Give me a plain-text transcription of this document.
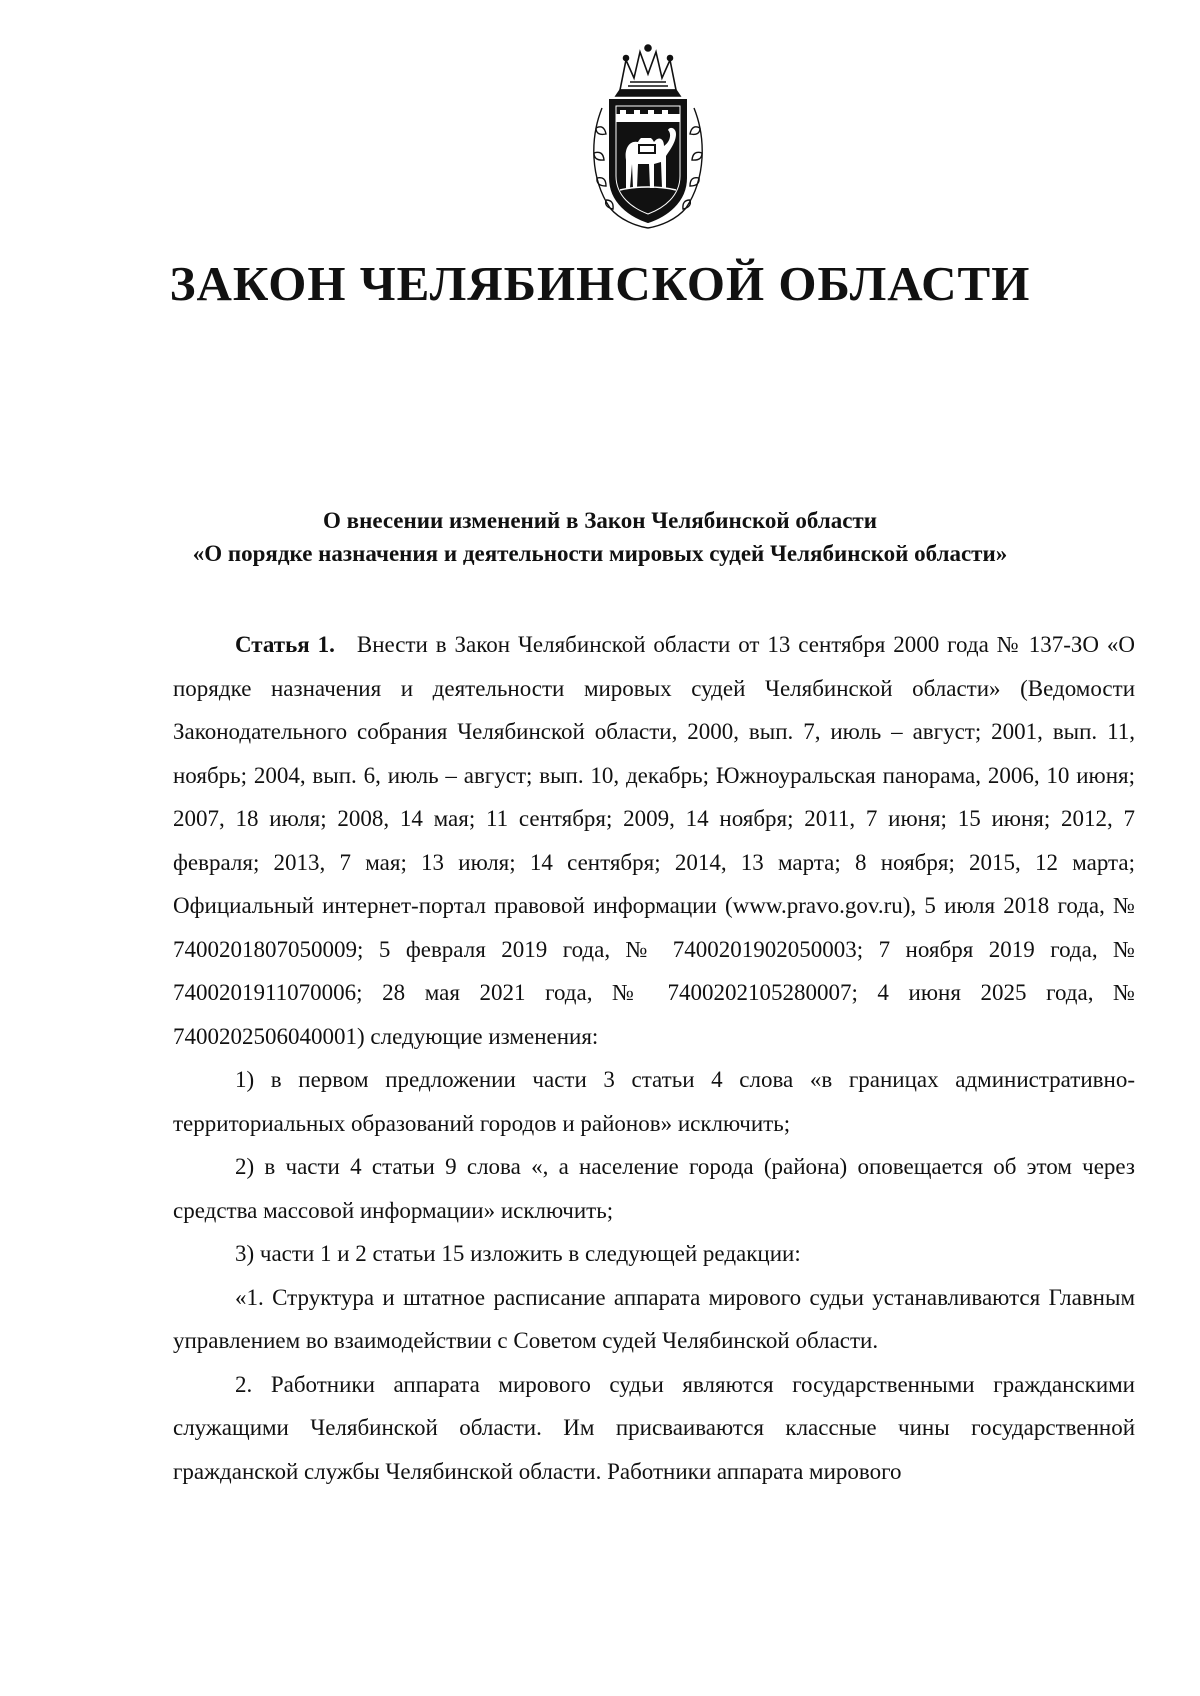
ЗАКОН ЧЕЛЯБИНСКОЙ ОБЛАСТИ
О внесении изменений в Закон Челябинской области
«О порядке назначения и деятельности мировых судей Челябинской области»

Статья 1. Внести в Закон Челябинской области от 13 сентября 2000 года № 137-ЗО «О порядке назначения и деятельности мировых судей Челябинской области» (Ведомости Законодательного собрания Челябинской области, 2000, вып. 7, июль – август; 2001, вып. 11, ноябрь; 2004, вып. 6, июль – август; вып. 10, декабрь; Южноуральская панорама, 2006, 10 июня; 2007, 18 июля; 2008, 14 мая; 11 сентября; 2009, 14 ноября; 2011, 7 июня; 15 июня; 2012, 7 февраля; 2013, 7 мая; 13 июля; 14 сентября; 2014, 13 марта; 8 ноября; 2015, 12 марта; Официальный интернет-портал правовой информации (www.pravo.gov.ru), 5 июля 2018 года, № 7400201807050009; 5 февраля 2019 года, № 7400201902050003; 7 ноября 2019 года, № 7400201911070006; 28 мая 2021 года, № 7400202105280007; 4 июня 2025 года, № 7400202506040001) следующие изменения:

1) в первом предложении части 3 статьи 4 слова «в границах административно-территориальных образований городов и районов» исключить;

2) в части 4 статьи 9 слова «, а население города (района) оповещается об этом через средства массовой информации» исключить;

3) части 1 и 2 статьи 15 изложить в следующей редакции:

«1. Структура и штатное расписание аппарата мирового судьи устанавливаются Главным управлением во взаимодействии с Советом судей Челябинской области.

2. Работники аппарата мирового судьи являются государственными гражданскими служащими Челябинской области. Им присваиваются классные чины государственной гражданской службы Челябинской области. Работники аппарата мирового
